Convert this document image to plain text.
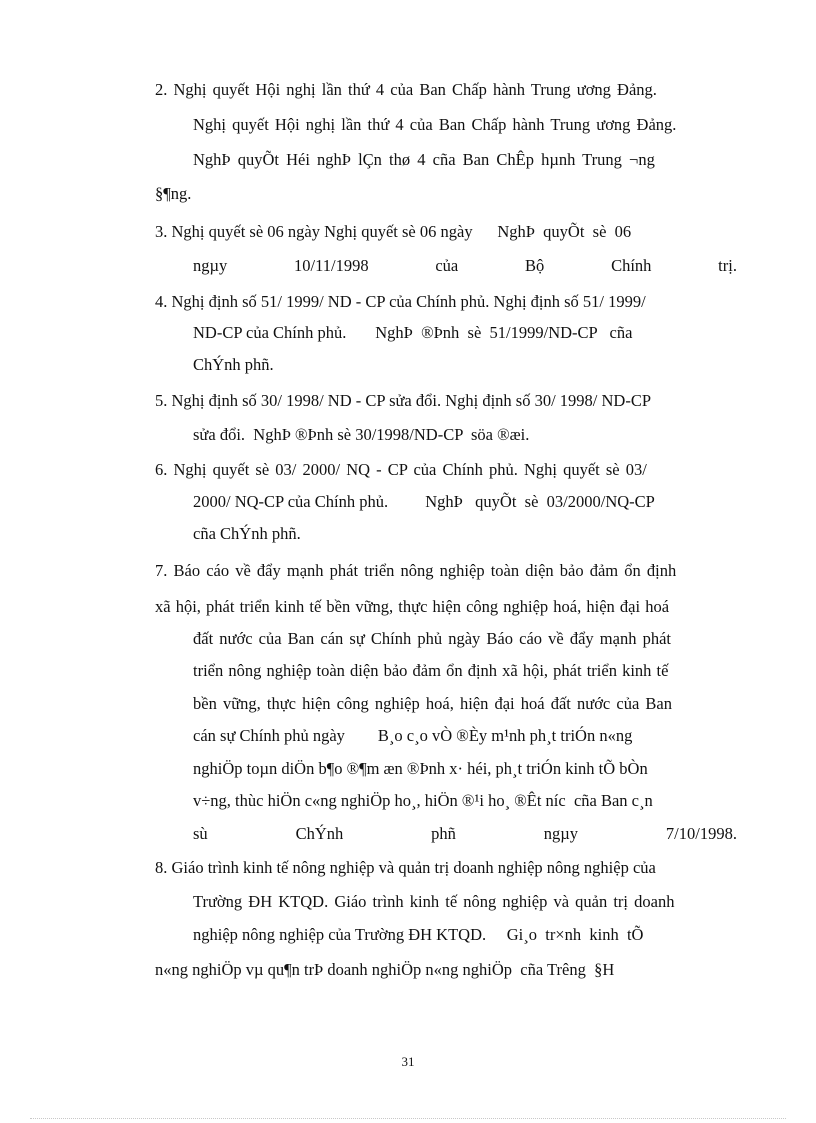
2. Nghị quyết Hội nghị lần thứ 4 của Ban Chấp hành Trung ương Đảng.
Nghị quyết Hội nghị lần thứ 4 của Ban Chấp hành Trung ương Đảng.
NghÞ quyÕt Héi nghÞ lÇn thø 4 cña Ban ChÊp hµnh Trung ¬ng
§¶ng.
3. Nghị quyết sè 06 ngày Nghị quyết sè 06 ngày      NghÞ  quyÕt  sè  06
ngµy	10/11/1998	của	Bộ	Chính	trị.
4. Nghị định số 51/ 1999/ ND - CP của Chính phủ. Nghị định số 51/ 1999/
ND-CP của Chính phủ.       NghÞ  ®Þnh  sè  51/1999/ND-CP   cña
ChÝnh phñ.
5. Nghị định số 30/ 1998/ ND - CP sửa đổi. Nghị định số 30/ 1998/ ND-CP
sửa đổi.  NghÞ ®Þnh sè 30/1998/ND-CP  söa ®æi.
6. Nghị quyết sè 03/ 2000/ NQ - CP của Chính phủ. Nghị quyết sè 03/
2000/ NQ-CP của Chính phủ.         NghÞ   quyÕt  sè  03/2000/NQ-CP
cña ChÝnh phñ.
7. Báo cáo về đẩy mạnh phát triển nông nghiệp toàn diện bảo đảm ổn định
xã hội, phát triển kinh tế bền vững, thực hiện công nghiệp hoá, hiện đại hoá
đất nước của Ban cán sự Chính phủ ngày Báo cáo về đẩy mạnh phát
triển nông nghiệp toàn diện bảo đảm ổn định xã hội, phát triển kinh tế
bền vững, thực hiện công nghiệp hoá, hiện đại hoá đất nước của Ban
cán sự Chính phủ ngày        B¸o c¸o vÒ ®Èy m¹nh ph¸t triÓn n«ng
nghiÖp toµn diÖn b¶o ®¶m æn ®Þnh x· héi, ph¸t triÓn kinh tÕ bÒn
v÷ng, thùc hiÖn c«ng nghiÖp ho¸, hiÖn ®¹i ho¸ ®Êt níc  cña Ban c¸n
sù	ChÝnh	phñ	ngµy	7/10/1998.
8. Giáo trình kinh tế nông nghiệp và quản trị doanh nghiệp nông nghiệp của
Trường ĐH KTQD. Giáo trình kinh tế nông nghiệp và quản trị doanh
nghiệp nông nghiệp của Trường ĐH KTQD.     Gi¸o  tr×nh  kinh  tÕ
n«ng nghiÖp vµ qu¶n trÞ doanh nghiÖp n«ng nghiÖp  cña Trêng  §H
31
